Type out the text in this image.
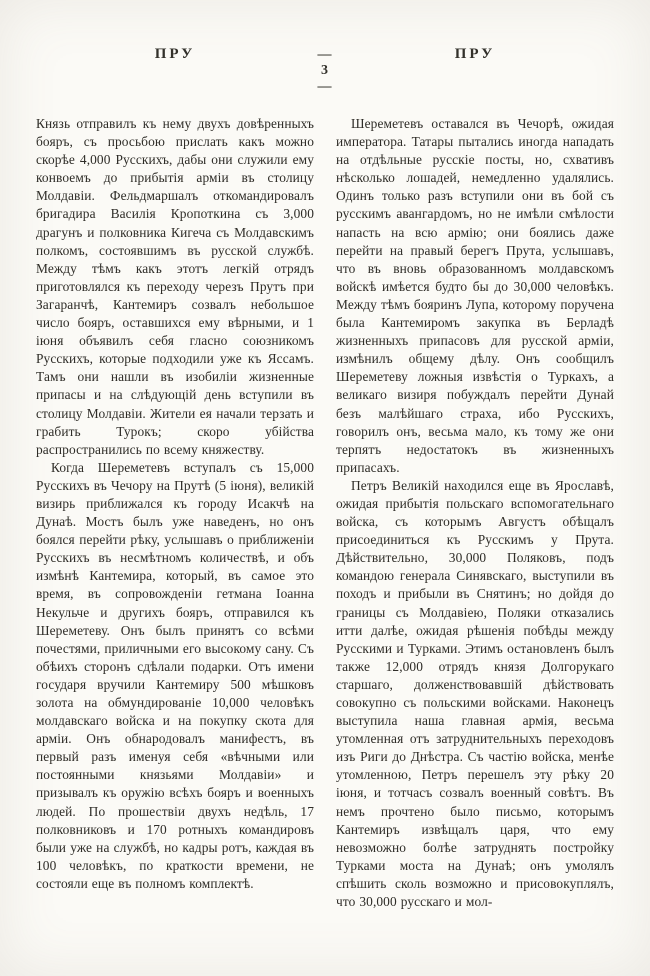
ПРУ	— 3 —
ПРУ

Князь отправилъ къ нему двухъ довѣренныхъ бояръ, съ просьбою прислать какъ можно скорѣе 4,000 Русскихъ, дабы они служили ему конвоемъ до прибытія арміи въ столицу Молдавіи. Фельдмаршалъ откомандировалъ бригадира Василія Кропоткина съ 3,000 драгунъ и полковника Кигеча съ Молдавскимъ полкомъ, состоявшимъ въ русской службѣ. Между тѣмъ какъ этотъ легкій отрядъ приготовлялся къ переходу черезъ Прутъ при Загаранчѣ, Кантемиръ созвалъ небольшое число бояръ, оставшихся ему вѣрными, и 1 іюня объявилъ себя гласно союзникомъ Русскихъ, которые подходили уже къ Яссамъ. Тамъ они нашли въ изобиліи жизненные припасы и на слѣдующій день вступили въ столицу Молдавіи. Жители ея начали терзать и грабить Турокъ; скоро убійства распространились по всему княжеству.

Когда Шереметевъ вступалъ съ 15,000 Русскихъ въ Чечору на Прутѣ (5 іюня), великій визирь приближался къ городу Исакчѣ на Дунаѣ. Мостъ былъ уже наведенъ, но онъ боялся перейти рѣку, услышавъ о приближеніи Русскихъ въ несмѣтномъ количествѣ, и объ измѣнѣ Кантемира, который, въ самое это время, въ сопровожденіи гетмана Іоанна Некульче и другихъ бояръ, отправился къ Шереметеву. Онъ былъ принятъ со всѣми почестями, приличными его высокому сану. Съ обѣихъ сторонъ сдѣлали подарки. Отъ имени государя вручили Кантемиру 500 мѣшковъ золота на обмундированіе 10,000 человѣкъ молдавскаго войска и на покупку скота для арміи. Онъ обнародовалъ манифестъ, въ первый разъ именуя себя «вѣчными или постоянными князьями Молдавіи» и призывалъ къ оружію всѣхъ бояръ и военныхъ людей. По прошествіи двухъ недѣль, 17 полковниковъ и 170 ротныхъ командировъ были уже на службѣ, но кадры ротъ, каждая въ 100 человѣкъ, по краткости времени, не состояли еще въ полномъ комплектѣ.

Шереметевъ оставался въ Чечорѣ, ожидая императора. Татары пытались иногда нападать на отдѣльные русскіе посты, но, схвативъ нѣсколько лошадей, немедленно удалялись. Одинъ только разъ вступили они въ бой съ русскимъ авангардомъ, но не имѣли смѣлости напасть на всю армію; они боялись даже перейти на правый берегъ Прута, услышавъ, что въ вновь образованномъ молдавскомъ войскѣ имѣется будто бы до 30,000 человѣкъ. Между тѣмъ бояринъ Лупа, которому поручена была Кантемиромъ закупка въ Берладѣ жизненныхъ припасовъ для русской арміи, измѣнилъ общему дѣлу. Онъ сообщилъ Шереметеву ложныя извѣстія о Туркахъ, а великаго визиря побуждалъ перейти Дунай безъ малѣйшаго страха, ибо Русскихъ, говорилъ онъ, весьма мало, къ тому же они терпятъ недостатокъ въ жизненныхъ припасахъ.

Петръ Великій находился еще въ Ярославѣ, ожидая прибытія польскаго вспомогательнаго войска, съ которымъ Августъ обѣщалъ присоединиться къ Русскимъ у Прута. Дѣйствительно, 30,000 Поляковъ, подъ командою генерала Синявскаго, выступили въ походъ и прибыли въ Снятинъ; но дойдя до границы съ Молдавіею, Поляки отказались итти далѣе, ожидая рѣшенія побѣды между Русскими и Турками. Этимъ остановленъ былъ также 12,000 отрядъ князя Долгорукаго старшаго, долженствовавшій дѣйствовать совокупно съ польскими войсками. Наконецъ выступила наша главная армія, весьма утомленная отъ затруднительныхъ переходовъ изъ Риги до Днѣстра. Съ частію войска, менѣе утомленною, Петръ перешелъ эту рѣку 20 іюня, и тотчасъ созвалъ военный совѣтъ. Въ немъ прочтено было письмо, которымъ Кантемиръ извѣщалъ царя, что ему невозможно болѣе затруднять постройку Турками моста на Дунаѣ; онъ умолялъ спѣшить сколь возможно и присовокуплялъ, что 30,000 русскаго и мол-
